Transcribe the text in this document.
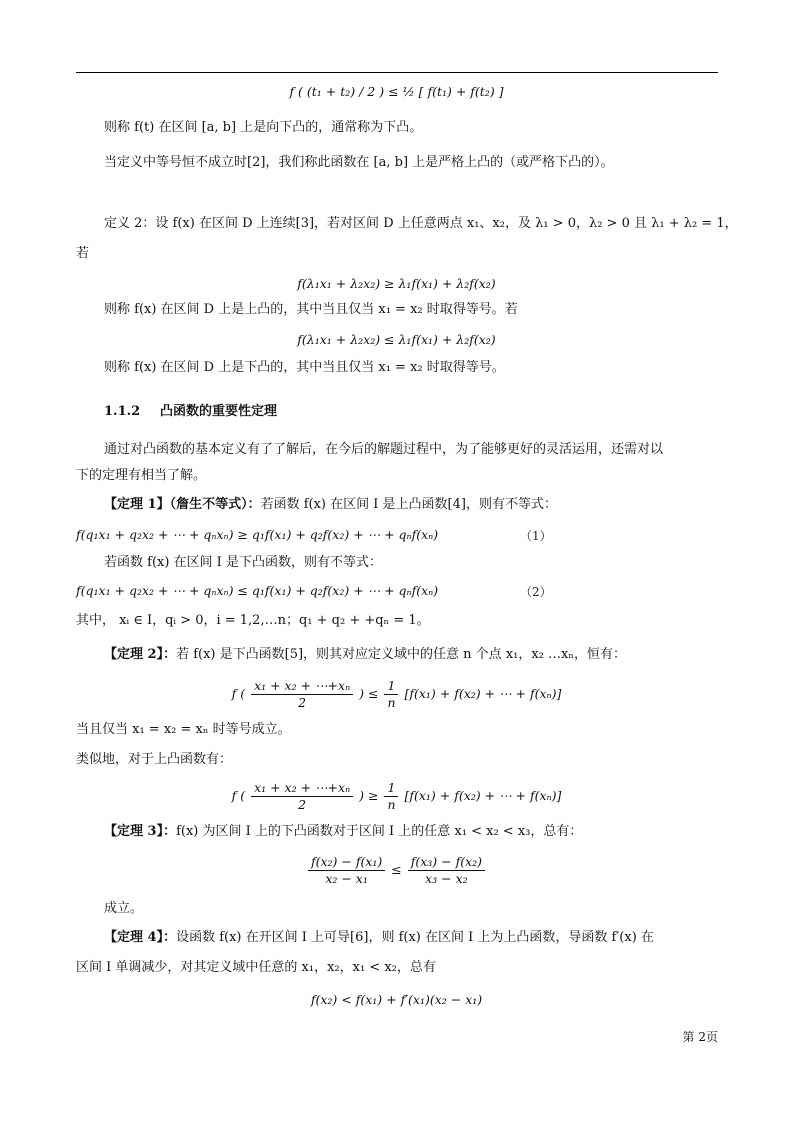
f ( (t₁ + t₂) / 2 ) ≤ ½ [ f(t₁) + f(t₂) ]
则称 f(t) 在区间 [a, b] 上是向下凸的，通常称为下凸。
当定义中等号恒不成立时[2]，我们称此函数在 [a, b] 上是严格上凸的（或严格下凸的）。
定义 2：设 f(x) 在区间 D 上连续[3]，若对区间 D 上任意两点 x₁、x₂，及 λ₁ > 0，λ₂ > 0 且 λ₁ + λ₂ = 1，
若
f(λ₁x₁ + λ₂x₂) ≥ λ₁f(x₁) + λ₂f(x₂)
则称 f(x) 在区间 D 上是上凸的，其中当且仅当 x₁ = x₂ 时取得等号。若
f(λ₁x₁ + λ₂x₂) ≤ λ₁f(x₁) + λ₂f(x₂)
则称 f(x) 在区间 D 上是下凸的，其中当且仅当 x₁ = x₂ 时取得等号。
1.1.2 凸函数的重要性定理
通过对凸函数的基本定义有了了解后，在今后的解题过程中，为了能够更好的灵活运用，还需对以
下的定理有相当了解。
【定理 1】（詹生不等式）：若函数 f(x) 在区间 I 是上凸函数[4]，则有不等式：
f(q₁x₁ + q₂x₂ + ⋯ + qₙxₙ) ≥ q₁f(x₁) + q₂f(x₂) + ⋯ + qₙf(xₙ)	（1）
若函数 f(x) 在区间 I 是下凸函数，则有不等式：
f(q₁x₁ + q₂x₂ + ⋯ + qₙxₙ) ≤ q₁f(x₁) + q₂f(x₂) + ⋯ + qₙf(xₙ)	（2）
其中， xᵢ ∈ I，qᵢ > 0，i = 1,2,…n；q₁ + q₂ + +qₙ = 1。
【定理 2】：若 f(x) 是下凸函数[5]，则其对应定义域中的任意 n 个点 x₁，x₂ …xₙ，恒有：
f ( $\frac{\text{x₁ + x₂ + ⋯+xₙ}}{2}$ ) ≤ $\frac{1}{n} [f(x_1) + f(x_2)$ + ⋯ + f(xₙ)]
当且仅当 x₁ = x₂ = xₙ 时等号成立。
类似地，对于上凸函数有：
f ( $\frac{\text{x₁ + x₂ + ⋯+xₙ}}{2}$ ) ≥ $\frac{1}{n} [f(x_1) + f(x_2)$ + ⋯ + f(xₙ)]
【定理 3】：f(x) 为区间 I 上的下凸函数对于区间 I 上的任意 x₁ < x₂ < x₃，总有：
$\frac{\text{f(x₂) − f(x₁)}}{\text{x₂ − x₁}} \le \frac{\text{f(x₃) − f(x₂)}}{\text{x₃ − x₂}}$
成立。
【定理 4】：设函数 f(x) 在开区间 I 上可导[6]，则 f(x) 在区间 I 上为上凸函数，导函数 f′(x) 在
区间 I 单调减少，对其定义域中任意的 x₁，x₂，x₁ < x₂，总有
f(x₂) < f(x₁) + f′(x₁)(x₂ − x₁)
第 2页
